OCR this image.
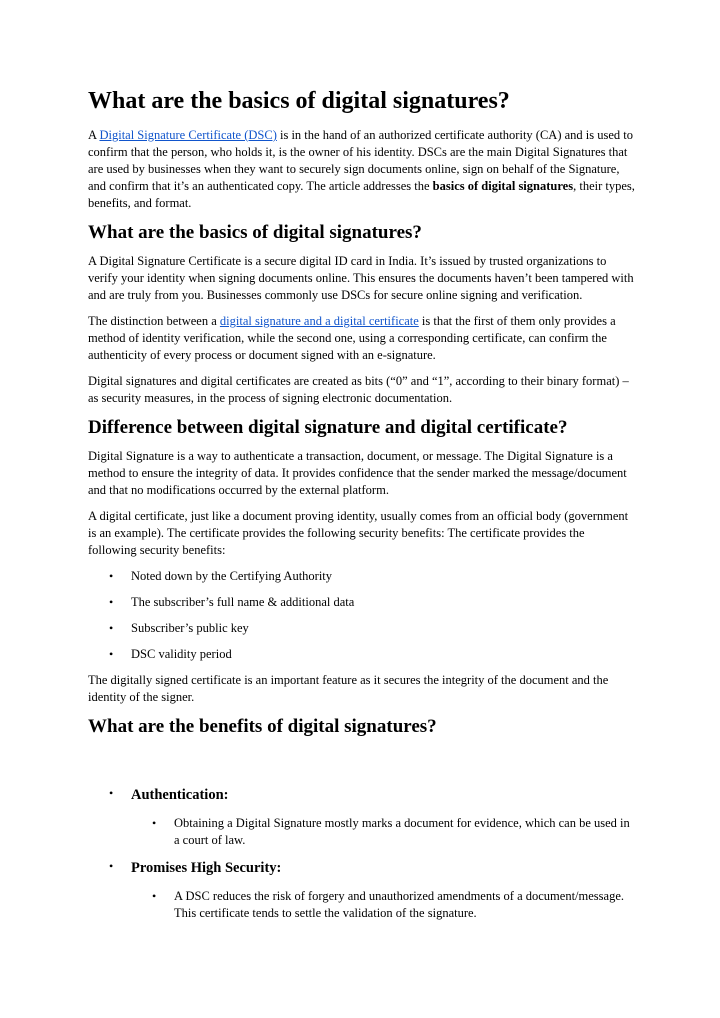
What are the basics of digital signatures?

A Digital Signature Certificate (DSC) is in the hand of an authorized certificate authority (CA) and is used to confirm that the person, who holds it, is the owner of his identity. DSCs are the main Digital Signatures that are used by businesses when they want to securely sign documents online, sign on behalf of the Signature, and confirm that it’s an authenticated copy. The article addresses the basics of digital signatures, their types, benefits, and format.

What are the basics of digital signatures?

A Digital Signature Certificate is a secure digital ID card in India. It’s issued by trusted organizations to verify your identity when signing documents online. This ensures the documents haven’t been tampered with and are truly from you. Businesses commonly use DSCs for secure online signing and verification.

The distinction between a digital signature and a digital certificate is that the first of them only provides a method of identity verification, while the second one, using a corresponding certificate, can confirm the authenticity of every process or document signed with an e-signature.

Digital signatures and digital certificates are created as bits (“0” and “1”, according to their binary format) – as security measures, in the process of signing electronic documentation.

Difference between digital signature and digital certificate?

Digital Signature is a way to authenticate a transaction, document, or message. The Digital Signature is a method to ensure the integrity of data. It provides confidence that the sender marked the message/document and that no modifications occurred by the external platform.

A digital certificate, just like a document proving identity, usually comes from an official body (government is an example). The certificate provides the following security benefits: The certificate provides the following security benefits:

• Noted down by the Certifying Authority
• The subscriber’s full name & additional data
• Subscriber’s public key
• DSC validity period

The digitally signed certificate is an important feature as it secures the integrity of the document and the identity of the signer.

What are the benefits of digital signatures?
• Authentication:
• Obtaining a Digital Signature mostly marks a document for evidence, which can be used in a court of law.
• Promises High Security:
• A DSC reduces the risk of forgery and unauthorized amendments of a document/message. This certificate tends to settle the validation of the signature.
